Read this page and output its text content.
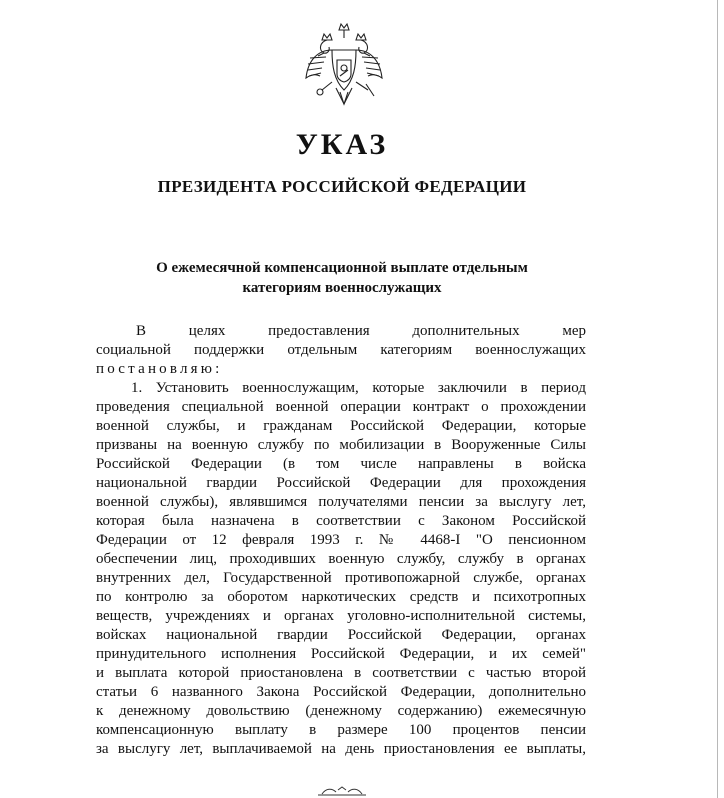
УКАЗ
ПРЕЗИДЕНТА РОССИЙСКОЙ ФЕДЕРАЦИИ
О ежемесячной компенсационной выплате отдельным
категориям военнослужащих
В целях предоставления дополнительных мер
социальной поддержки отдельным категориям военнослужащих
постановляю:
1. Установить военнослужащим, которые заключили в период
проведения специальной военной операции контракт о прохождении
военной службы, и гражданам Российской Федерации, которые
призваны на военную службу по мобилизации в Вооруженные Силы
Российской Федерации (в том числе направлены в войска
национальной гвардии Российской Федерации для прохождения
военной службы), являвшимся получателями пенсии за выслугу лет,
которая была назначена в соответствии с Законом Российской
Федерации от 12 февраля 1993 г. № 4468-I "О пенсионном
обеспечении лиц, проходивших военную службу, службу в органах
внутренних дел, Государственной противопожарной службе, органах
по контролю за оборотом наркотических средств и психотропных
веществ, учреждениях и органах уголовно-исполнительной системы,
войсках национальной гвардии Российской Федерации, органах
принудительного исполнения Российской Федерации, и их семей"
и выплата которой приостановлена в соответствии с частью второй
статьи 6 названного Закона Российской Федерации, дополнительно
к денежному довольствию (денежному содержанию) ежемесячную
компенсационную выплату в размере 100 процентов пенсии
за выслугу лет, выплачиваемой на день приостановления ее выплаты,
